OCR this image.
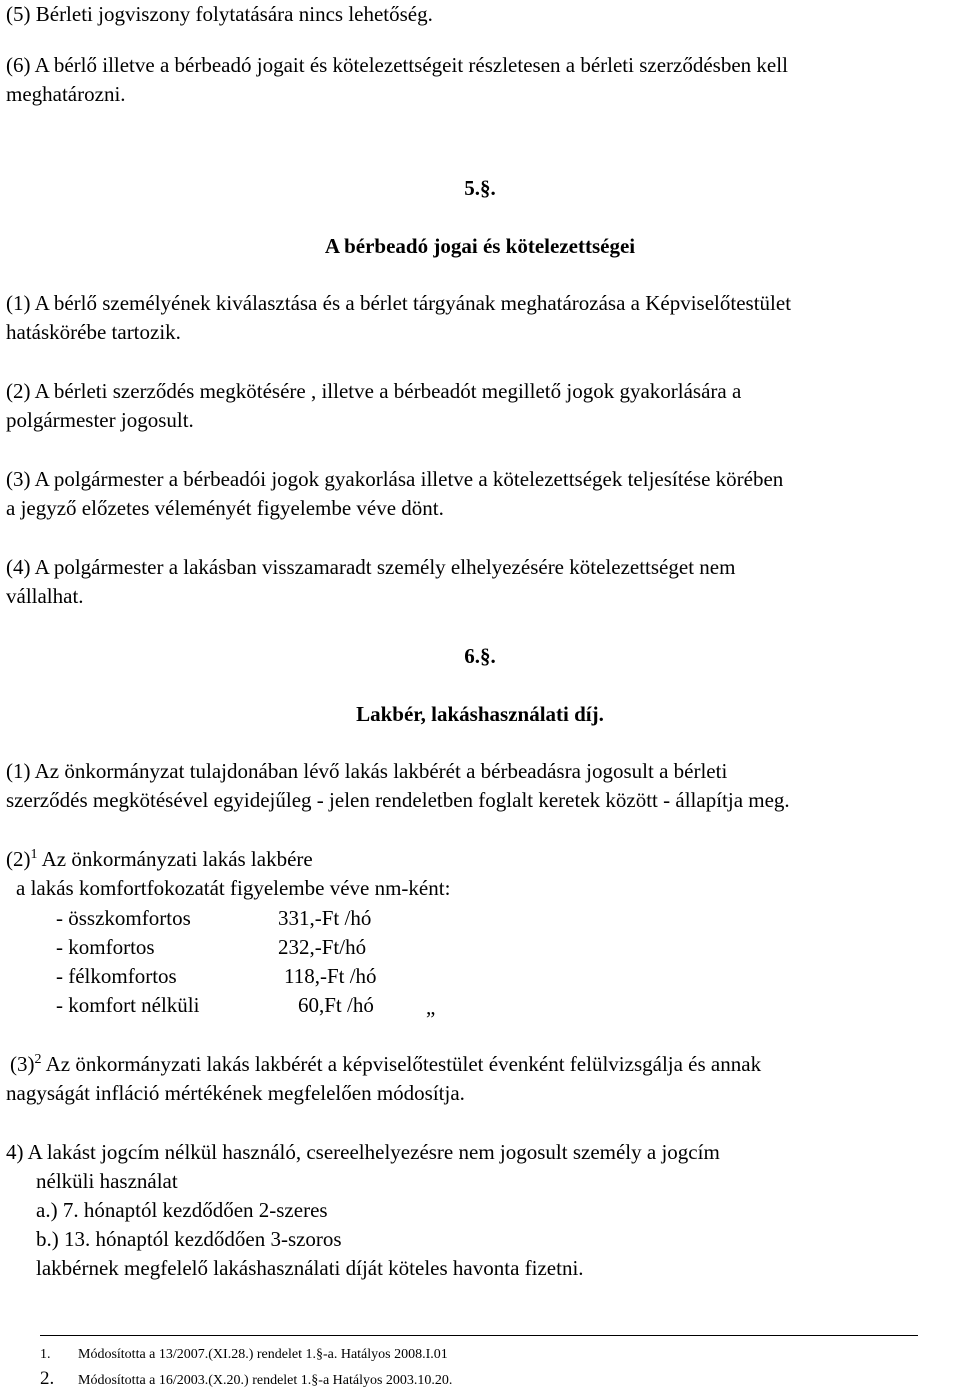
(5) Bérleti jogviszony folytatására nincs lehetőség.
(6) A bérlő illetve a bérbeadó jogait és kötelezettségeit részletesen a bérleti szerződésben kell
meghatározni.
5.§.
A bérbeadó jogai és kötelezettségei
(1) A bérlő személyének kiválasztása és a bérlet tárgyának meghatározása a Képviselőtestület
hatáskörébe tartozik.
(2) A bérleti szerződés megkötésére , illetve a bérbeadót megillető jogok gyakorlására a
polgármester jogosult.
(3) A polgármester a bérbeadói jogok gyakorlása illetve a kötelezettségek teljesítése körében
a jegyző előzetes véleményét figyelembe véve dönt.
(4) A polgármester a lakásban visszamaradt személy elhelyezésére kötelezettséget nem
vállalhat.
6.§.
Lakbér, lakáshasználati díj.
(1) Az önkormányzat tulajdonában lévő lakás lakbérét a bérbeadásra jogosult a bérleti
szerződés megkötésével egyidejűleg - jelen rendeletben foglalt keretek között - állapítja meg.
$(2)^1$ Az önkormányzati lakás lakbére
a lakás komfortfokozatát figyelembe véve nm-ként:
- összkomfortos	331,-Ft /hó
- komfortos	232,-Ft/hó
- félkomfortos	118,-Ft /hó
- komfort nélküli	60,Ft /hó „
$(3)^2$ Az önkormányzati lakás lakbérét a képviselőtestület évenként felülvizsgálja és annak
nagyságát infláció mértékének megfelelően módosítja.
4) A lakást jogcím nélkül használó, csereelhelyezésre nem jogosult személy a jogcím
nélküli használat
a.) 7. hónaptól kezdődően 2-szeres
b.) 13. hónaptól kezdődően 3-szoros
lakbérnek megfelelő lakáshasználati díját köteles havonta fizetni.
1. Módosította a 13/2007.(XI.28.) rendelet 1.§-a. Hatályos 2008.I.01
2. Módosította a 16/2003.(X.20.) rendelet 1.§-a Hatályos 2003.10.20.
